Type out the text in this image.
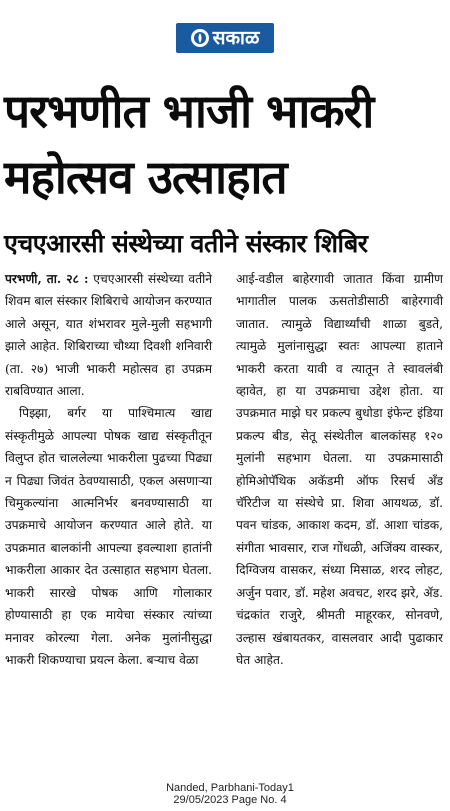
सकाळ
परभणीत भाजी भाकरी
महोत्सव उत्साहात
एचएआरसी संस्थेच्या वतीने संस्कार शिबिर

परभणी, ता. २८ : एचएआरसी संस्थेच्या वतीने शिवम बाल संस्कार शिबिराचे आयोजन करण्यात आले असून, यात शंभरावर मुले-मुली सहभागी झाले आहेत. शिबिराच्या चौथ्या दिवशी शनिवारी (ता. २७) भाजी भाकरी महोत्सव हा उपक्रम राबविण्यात आला.

पिझ्झा, बर्गर या पाश्चिमात्य खाद्य संस्कृतीमुळे आपल्या पोषक खाद्य संस्कृतीतून विलुप्त होत चाललेल्या भाकरीला पुढच्या पिढ्या न पिढ्या जिवंत ठेवण्यासाठी, एकल असणाऱ्या चिमुकल्यांना आत्मनिर्भर बनवण्यासाठी या उपक्रमाचे आयोजन करण्यात आले होते. या उपक्रमात बालकांनी आपल्या इवल्याशा हातांनी भाकरीला आकार देत उत्साहात सहभाग घेतला. भाकरी सारखे पोषक आणि गोलाकार होण्यासाठी हा एक मायेचा संस्कार त्यांच्या मनावर कोरल्या गेला. अनेक मुलांनीसुद्धा भाकरी शिकण्याचा प्रयत्न केला. बऱ्याच वेळा

आई-वडील बाहेरगावी जातात किंवा ग्रामीण भागातील पालक ऊसतोडीसाठी बाहेरगावी जातात. त्यामुळे विद्यार्थ्यांची शाळा बुडते, त्यामुळे मुलांनासुद्धा स्वतः आपल्या हाताने भाकरी करता यावी व त्यातून ते स्वावलंबी व्हावेत, हा या उपक्रमाचा उद्देश होता. या उपक्रमात माझे घर प्रकल्प बुधोडा इंफेन्ट इंडिया प्रकल्प बीड, सेतू संस्थेतील बालकांसह १२० मुलांनी सहभाग घेतला. या उपक्रमासाठी होमिओपॅथिक अकॅडमी ऑफ रिसर्च अँड चॅरिटीज या संस्थेचे प्रा. शिवा आयथळ, डॉ. पवन चांडक, आकाश कदम, डॉ. आशा चांडक, संगीता भावसार, राज गोंधळी, अजिंक्य वास्कर, दिग्विजय वासकर, संध्या मिसाळ, शरद लोहट, अर्जुन पवार, डॉ. महेश अवचट, शरद झरे, ॲड. चंद्रकांत राजुरे, श्रीमती माहूरकर, सोनवणे, उल्हास खंबायतकर, वासलवार आदी पुढाकार घेत आहेत.

Nanded, Parbhani-Today1
29/05/2023 Page No. 4
